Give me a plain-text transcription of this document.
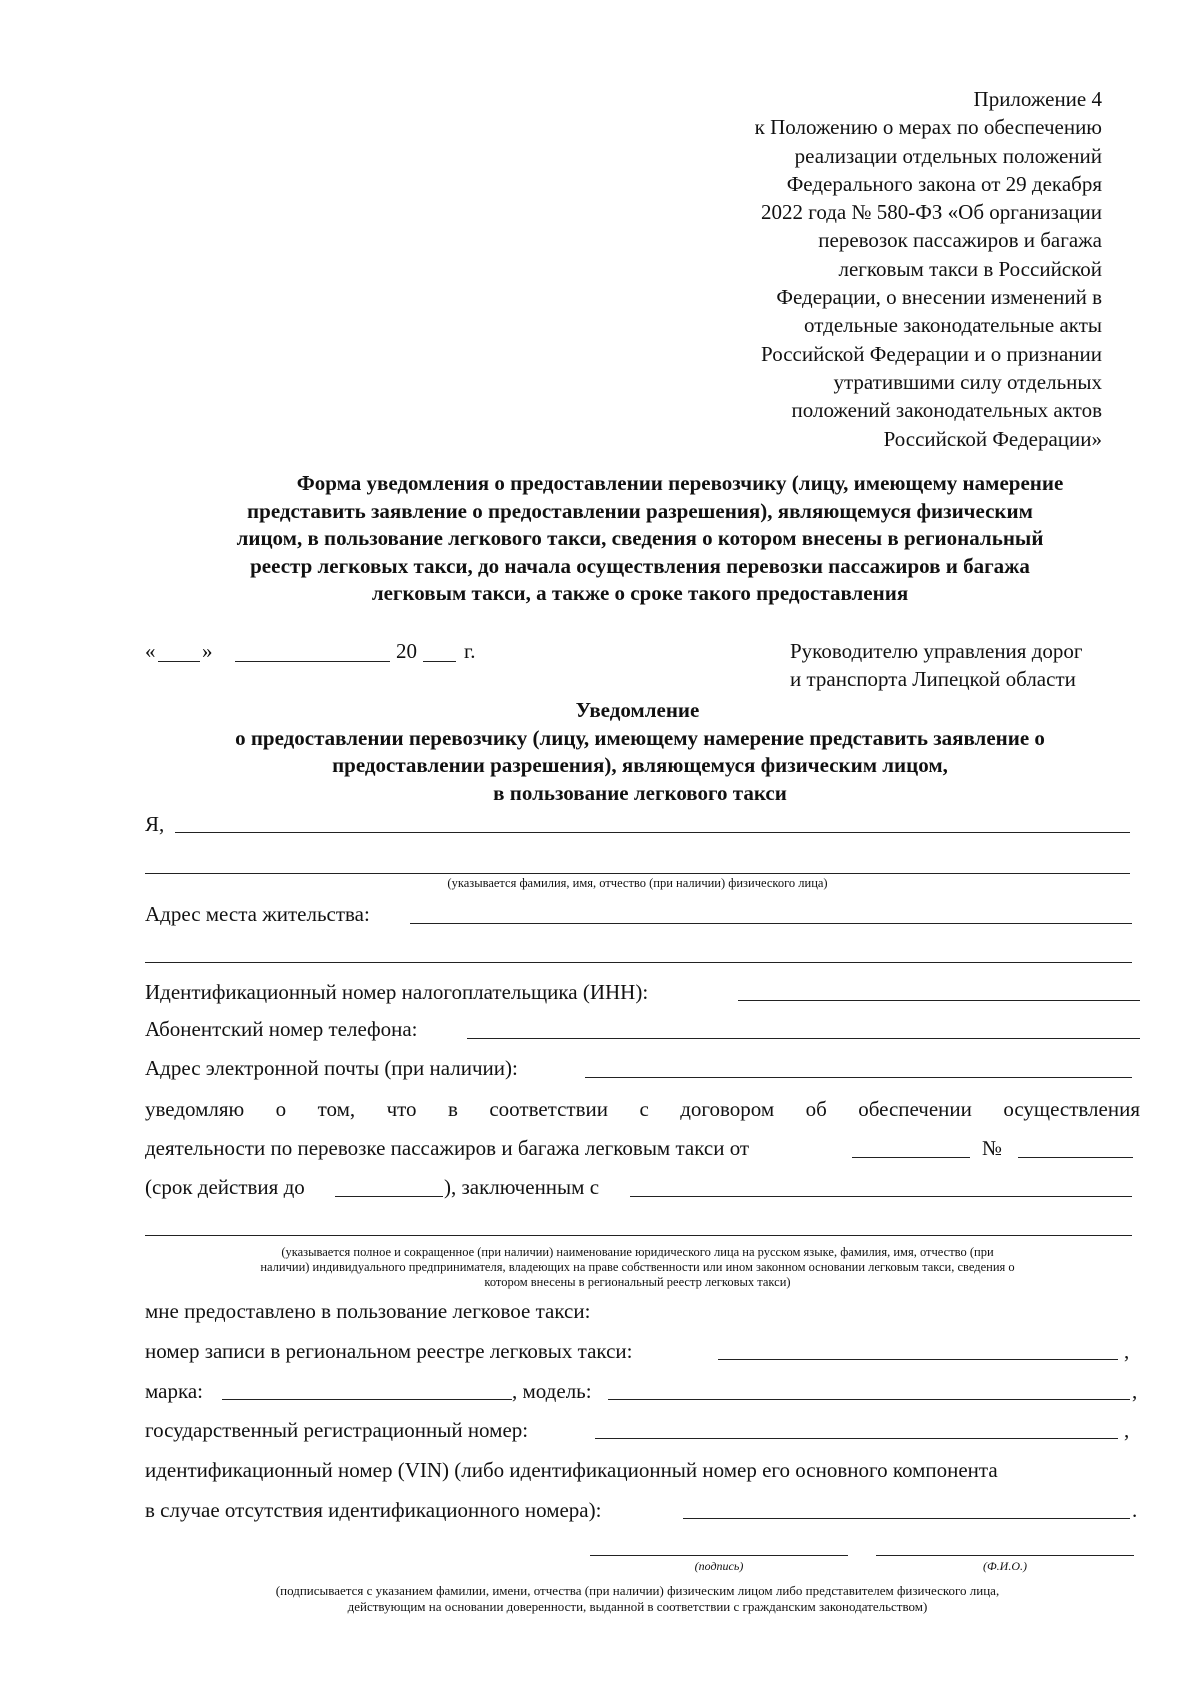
Приложение 4
к Положению о мерах по обеспечению
реализации отдельных положений
Федерального закона от 29 декабря
2022 года № 580-ФЗ «Об организации
перевозок пассажиров и багажа
легковым такси в Российской
Федерации, о внесении изменений в
отдельные законодательные акты
Российской Федерации и о признании
утратившими силу отдельных
положений законодательных актов
Российской Федерации»
Форма уведомления о предоставлении перевозчику (лицу, имеющему намерение
представить заявление о предоставлении разрешения), являющемуся физическим
лицом, в пользование легкового такси, сведения о котором внесены в региональный
реестр легковых такси, до начала осуществления перевозки пассажиров и багажа
легковым такси, а также о сроке такого предоставления
« »	20 г.	Руководителю управления дорог
и транспорта Липецкой области
Уведомление
о предоставлении перевозчику (лицу, имеющему намерение представить заявление о
предоставлении разрешения), являющемуся физическим лицом,
в пользование легкового такси
Я,
(указывается фамилия, имя, отчество (при наличии) физического лица)
Адрес места жительства:
Идентификационный номер налогоплательщика (ИНН):
Абонентский номер телефона:
Адрес электронной почты (при наличии):
уведомляю о том, что в соответствии с договором об обеспечении осуществления
деятельности по перевозке пассажиров и багажа легковым такси от	№
(срок действия до	), заключенным с
(указывается полное и сокращенное (при наличии) наименование юридического лица на русском языке, фамилия, имя, отчество (при
наличии) индивидуального предпринимателя, владеющих на праве собственности или ином законном основании легковым такси, сведения о
котором внесены в региональный реестр легковых такси)
мне предоставлено в пользование легковое такси:
номер записи в региональном реестре легковых такси:	,
марка:	, модель:	,
государственный регистрационный номер:	,
идентификационный номер (VIN) (либо идентификационный номер его основного компонента
в случае отсутствия идентификационного номера):	.
(подпись)	(Ф.И.О.)
(подписывается с указанием фамилии, имени, отчества (при наличии) физическим лицом либо представителем физического лица,
действующим на основании доверенности, выданной в соответствии с гражданским законодательством)
